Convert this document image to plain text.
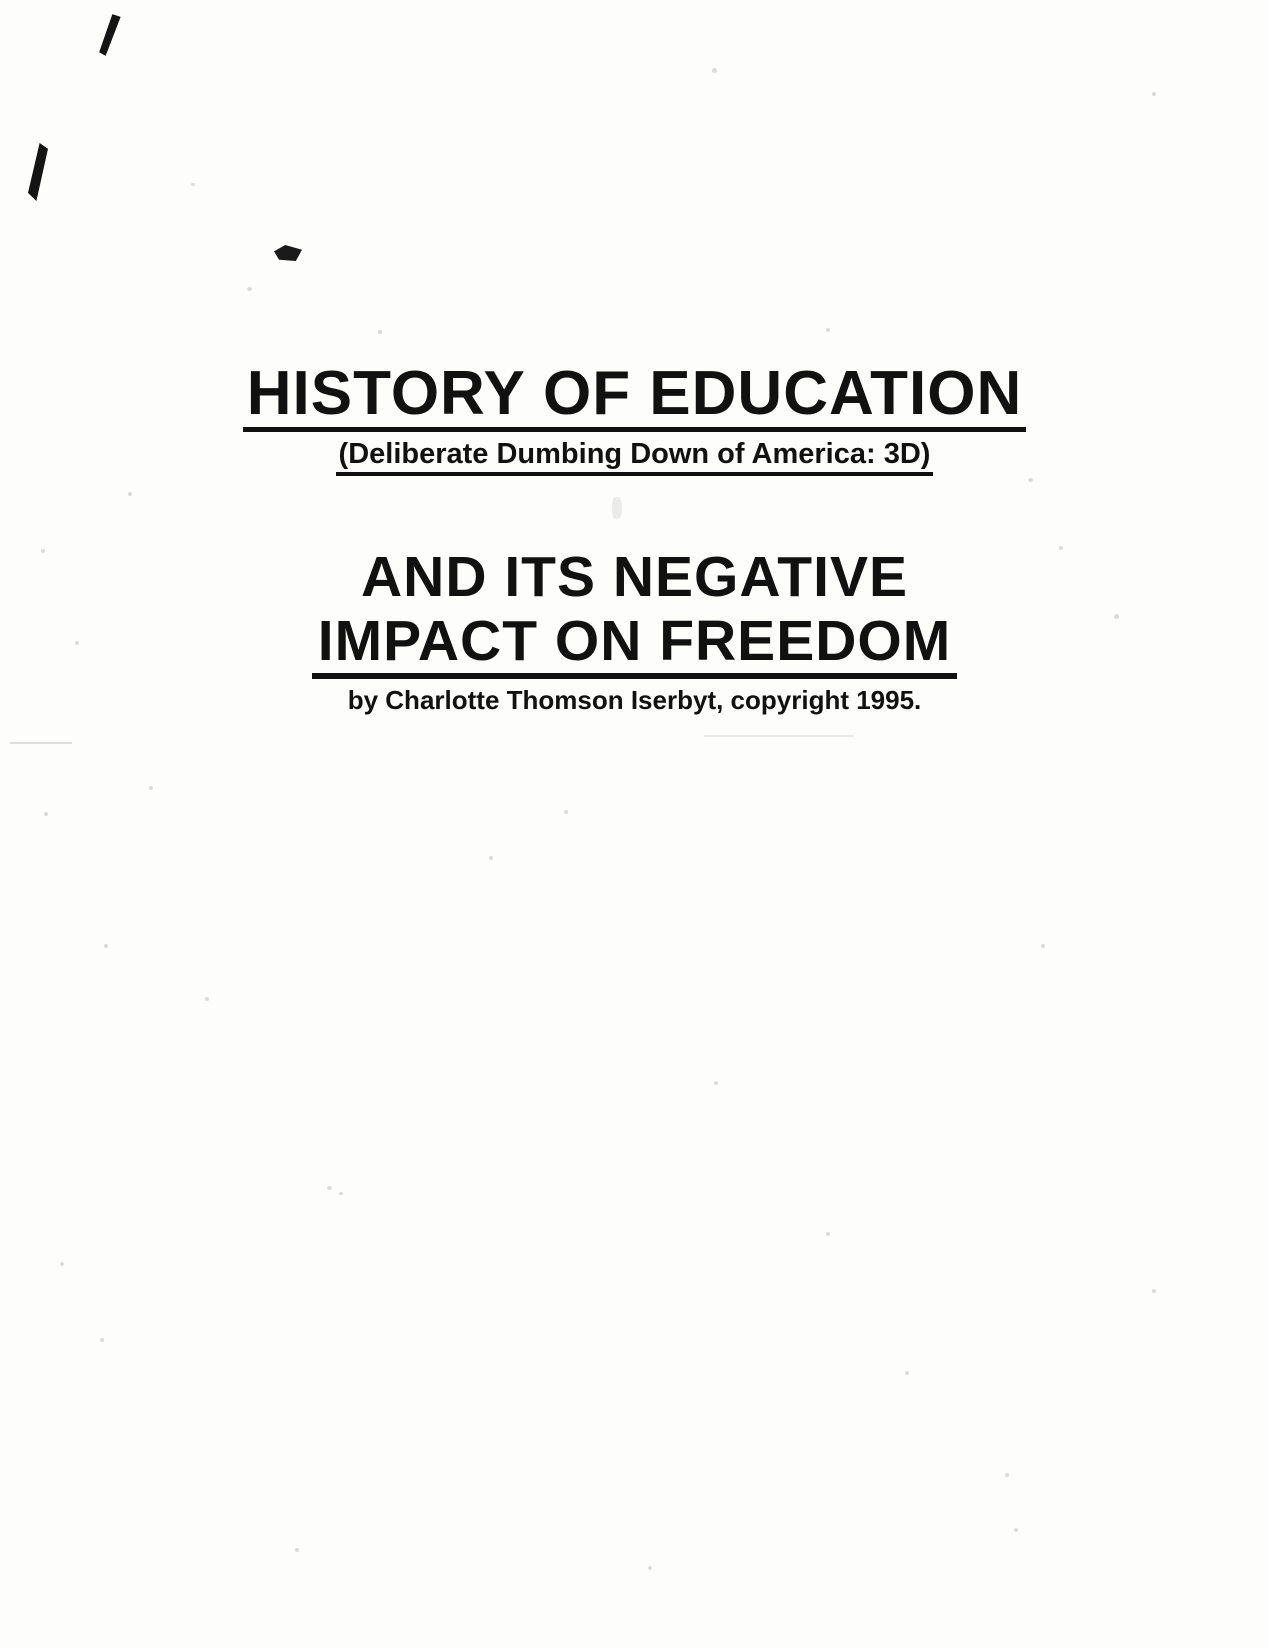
HISTORY OF EDUCATION
(Deliberate Dumbing Down of America: 3D)
AND ITS NEGATIVE
IMPACT ON FREEDOM
by Charlotte Thomson Iserbyt, copyright 1995.
